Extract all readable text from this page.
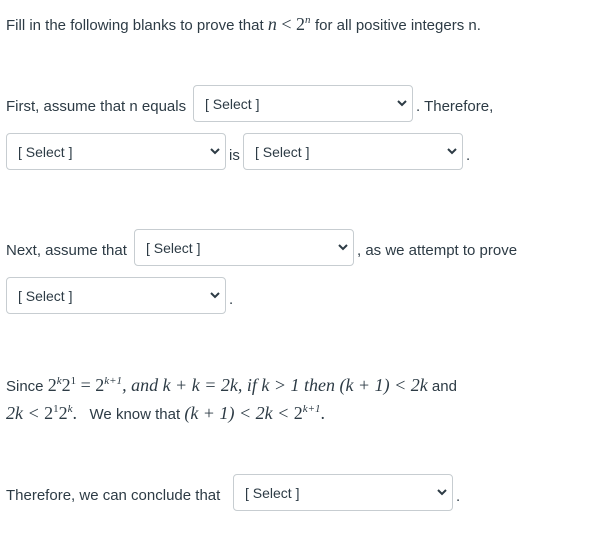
Fill in the following blanks to prove that $n < 2^n$ for all positive integers n.
First, assume that n equals	[ Select ]	. Therefore,
[ Select ]	is	[ Select ]	.
Next, assume that	[ Select ]	, as we attempt to prove
[ Select ]	.
Since $2^k2^1 = 2^{k+1}$, and k + k = 2k, if k > 1 then (k + 1) < 2k and
$2k < 2^12^k$. We know that $(k + 1) < 2k < 2^{k+1}$.
Therefore, we can conclude that	[ Select ]	.
